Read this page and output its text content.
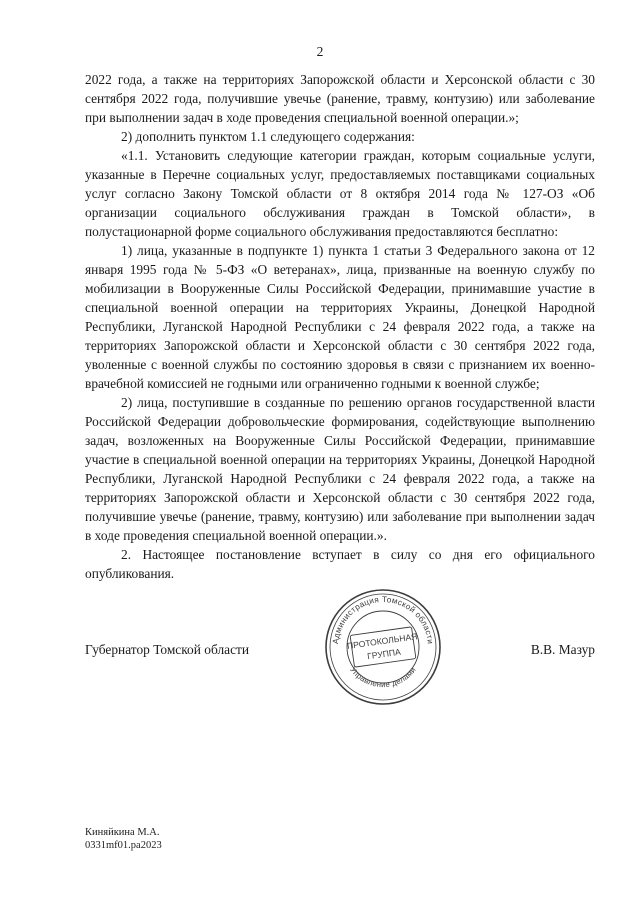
2

2022 года, а также на территориях Запорожской области и Херсонской области с 30 сентября 2022 года, получившие увечье (ранение, травму, контузию) или заболевание при выполнении задач в ходе проведения специальной военной операции.»;

2) дополнить пунктом 1.1 следующего содержания:

«1.1. Установить следующие категории граждан, которым социальные услуги, указанные в Перечне социальных услуг, предоставляемых поставщиками социальных услуг согласно Закону Томской области от 8 октября 2014 года № 127-ОЗ «Об организации социального обслуживания граждан в Томской области», в полустационарной форме социального обслуживания предоставляются бесплатно:

1) лица, указанные в подпункте 1) пункта 1 статьи 3 Федерального закона от 12 января 1995 года № 5-ФЗ «О ветеранах», лица, призванные на военную службу по мобилизации в Вооруженные Силы Российской Федерации, принимавшие участие в специальной военной операции на территориях Украины, Донецкой Народной Республики, Луганской Народной Республики с 24 февраля 2022 года, а также на территориях Запорожской области и Херсонской области с 30 сентября 2022 года, уволенные с военной службы по состоянию здоровья в связи с признанием их военно-врачебной комиссией не годными или ограниченно годными к военной службе;

2) лица, поступившие в созданные по решению органов государственной власти Российской Федерации добровольческие формирования, содействующие выполнению задач, возложенных на Вооруженные Силы Российской Федерации, принимавшие участие в специальной военной операции на территориях Украины, Донецкой Народной Республики, Луганской Народной Республики с 24 февраля 2022 года, а также на территориях Запорожской области и Херсонской области с 30 сентября 2022 года, получившие увечье (ранение, травму, контузию) или заболевание при выполнении задач в ходе проведения специальной военной операции.».

2. Настоящее постановление вступает в силу со дня его официального опубликования.

Администрация Томской области
Управление делами
ПРОТОКОЛЬНАЯ
ГРУППА
Губернатор Томской области	В.В. Мазур
Киняйкина М.А.
0331mf01.pa2023
